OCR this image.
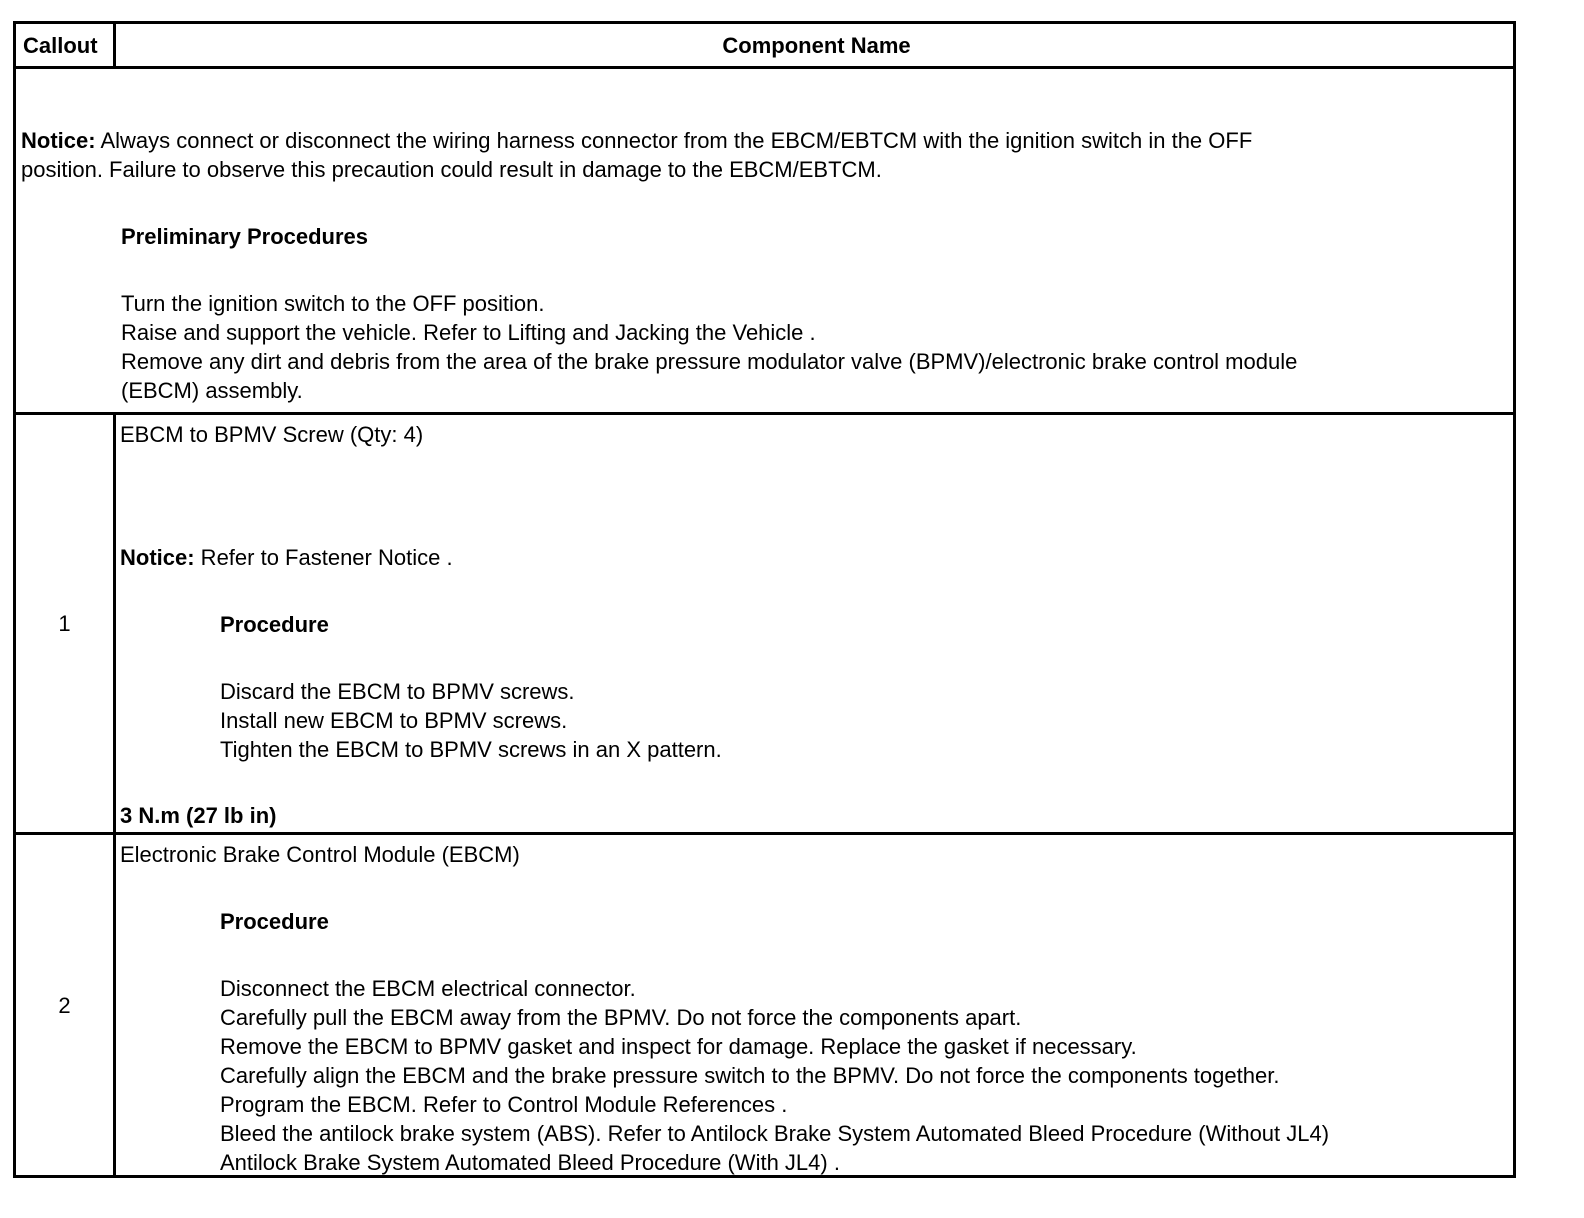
Callout	Component Name
Notice: Always connect or disconnect the wiring harness connector from the EBCM/EBTCM with the ignition switch in the OFF
position. Failure to observe this precaution could result in damage to the EBCM/EBTCM.
Preliminary Procedures
Turn the ignition switch to the OFF position.
Raise and support the vehicle. Refer to Lifting and Jacking the Vehicle .
Remove any dirt and debris from the area of the brake pressure modulator valve (BPMV)/electronic brake control module
(EBCM) assembly.
1
EBCM to BPMV Screw (Qty: 4)
Notice: Refer to Fastener Notice .
Procedure
Discard the EBCM to BPMV screws.
Install new EBCM to BPMV screws.
Tighten the EBCM to BPMV screws in an X pattern.
3 N.m (27 lb in)
2
Electronic Brake Control Module (EBCM)
Procedure
Disconnect the EBCM electrical connector.
Carefully pull the EBCM away from the BPMV. Do not force the components apart.
Remove the EBCM to BPMV gasket and inspect for damage. Replace the gasket if necessary.
Carefully align the EBCM and the brake pressure switch to the BPMV. Do not force the components together.
Program the EBCM. Refer to Control Module References .
Bleed the antilock brake system (ABS). Refer to Antilock Brake System Automated Bleed Procedure (Without JL4)
Antilock Brake System Automated Bleed Procedure (With JL4) .
